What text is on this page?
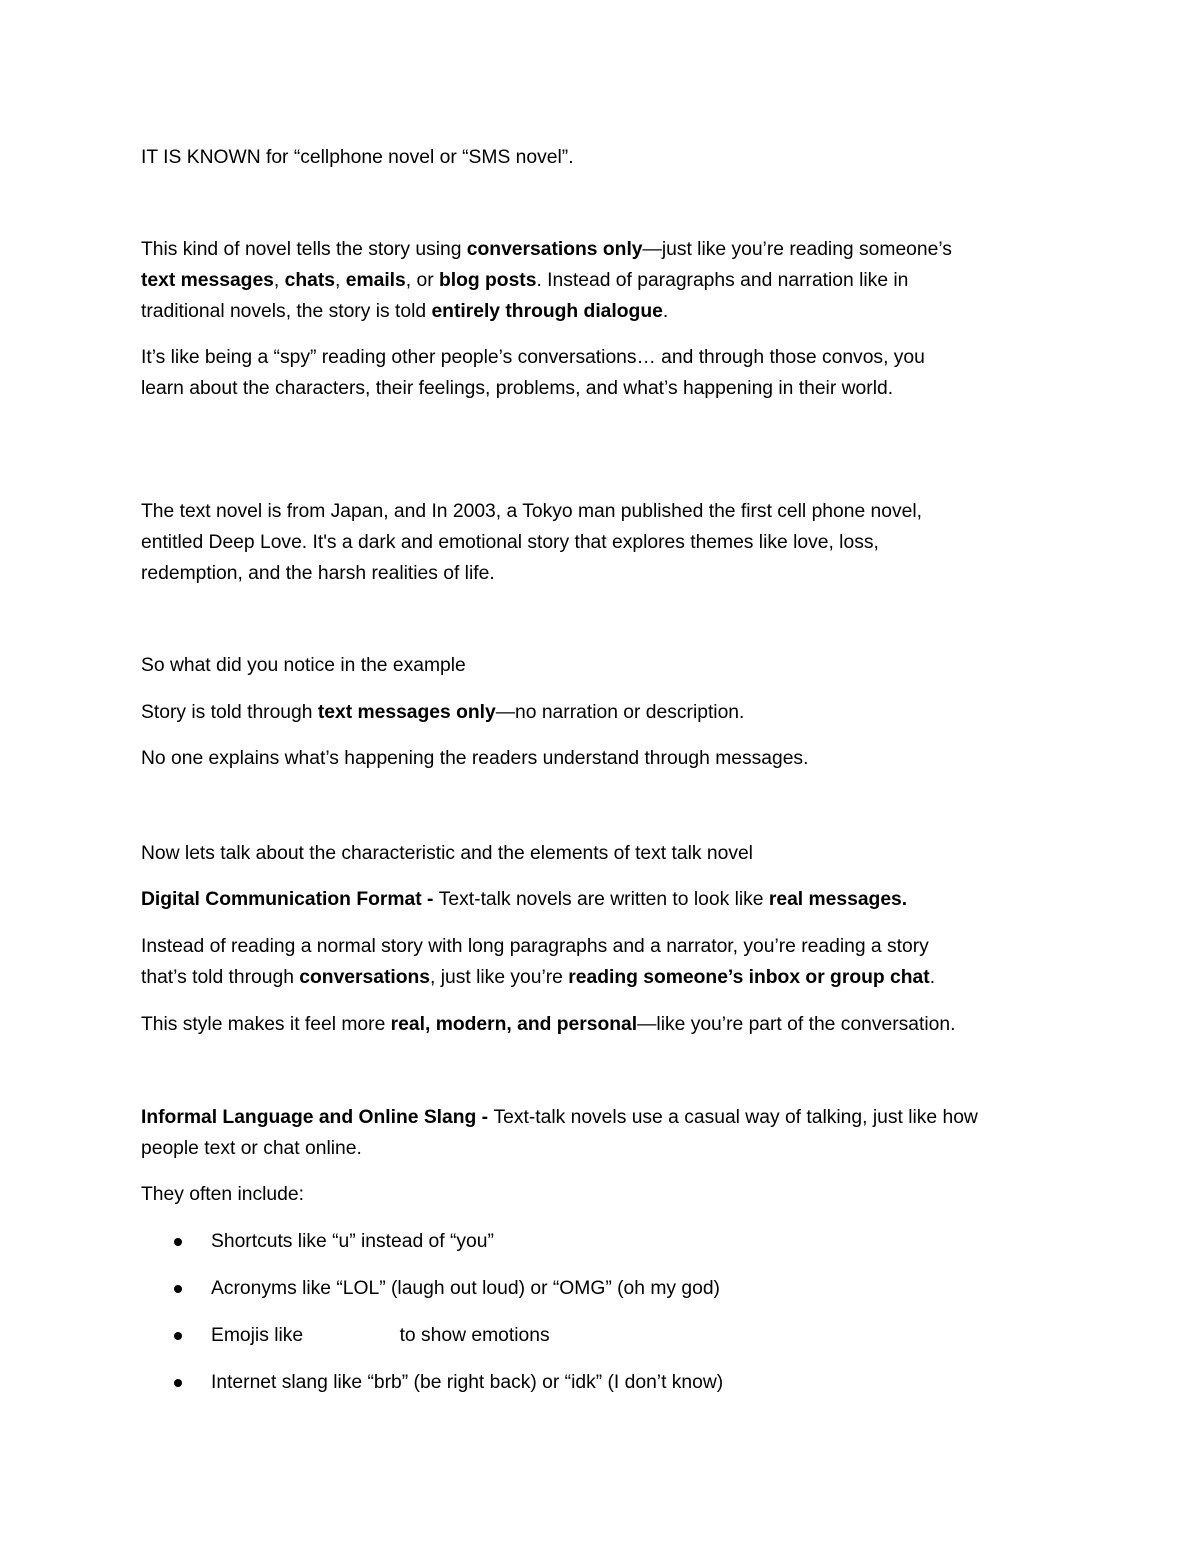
IT IS KNOWN for “cellphone novel or “SMS novel”.

This kind of novel tells the story using conversations only—just like you’re reading someone’s

text messages, chats, emails, or blog posts. Instead of paragraphs and narration like in

traditional novels, the story is told entirely through dialogue.

It’s like being a “spy” reading other people’s conversations… and through those convos, you

learn about the characters, their feelings, problems, and what’s happening in their world.

The text novel is from Japan, and In 2003, a Tokyo man published the first cell phone novel,

entitled Deep Love. It's a dark and emotional story that explores themes like love, loss,

redemption, and the harsh realities of life.

So what did you notice in the example

Story is told through text messages only—no narration or description.

No one explains what’s happening the readers understand through messages.

Now lets talk about the characteristic and the elements of text talk novel

Digital Communication Format - Text-talk novels are written to look like real messages.

Instead of reading a normal story with long paragraphs and a narrator, you’re reading a story

that’s told through conversations, just like you’re reading someone’s inbox or group chat.

This style makes it feel more real, modern, and personal—like you’re part of the conversation.

Informal Language and Online Slang - Text-talk novels use a casual way of talking, just like how

people text or chat online.

They often include:

Shortcuts like “u” instead of “you”

Acronyms like “LOL” (laugh out loud) or “OMG” (oh my god)

Emojis like                  to show emotions

Internet slang like “brb” (be right back) or “idk” (I don’t know)
